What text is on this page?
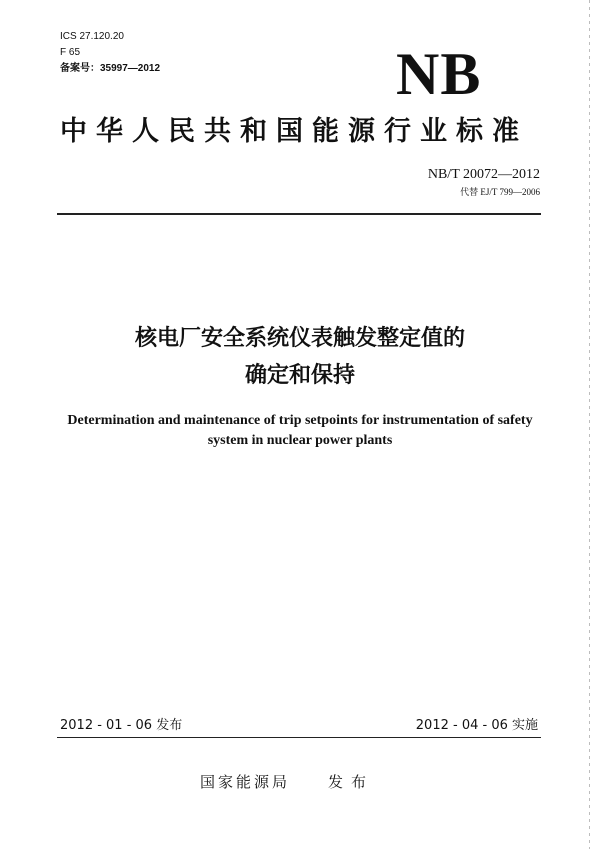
ICS 27.120.20
F 65
备案号：35997—2012	NB
中华人民共和国能源行业标准
NB/T 20072—2012
代替 EJ/T 799—2006
核电厂安全系统仪表触发整定值的
确定和保持
Determination and maintenance of trip setpoints for instrumentation of safety
system in nuclear power plants
2012 - 01 - 06 发布	2012 - 04 - 06 实施
国家能源局	发布
